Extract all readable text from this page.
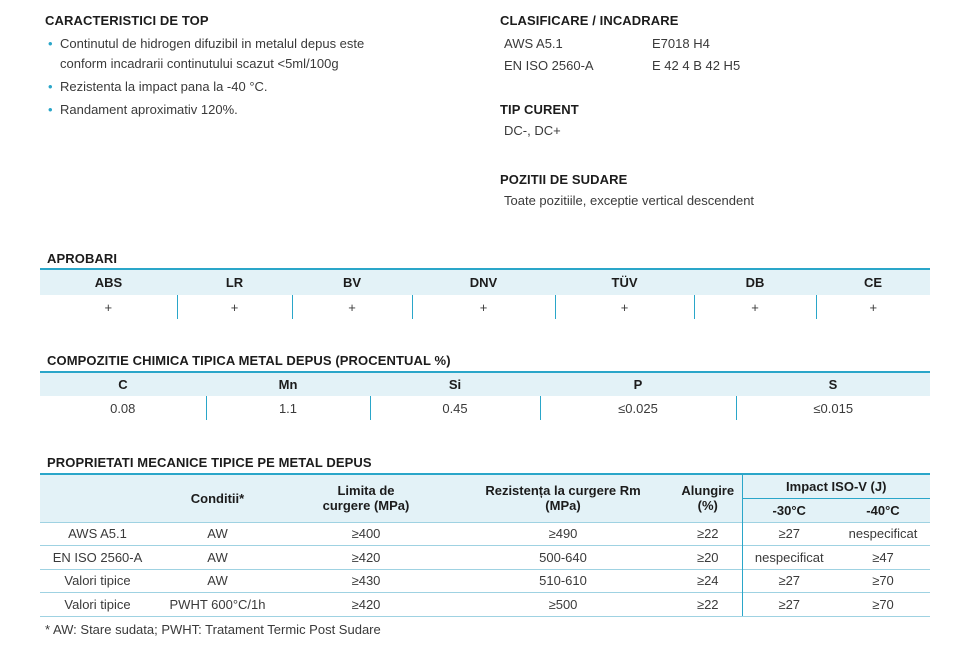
CARACTERISTICI DE TOP
• Continutul de hidrogen difuzibil in metalul depus este
conform incadrarii continutului scazut <5ml/100g
• Rezistenta la impact pana la -40 °C.
• Randament aproximativ 120%.
CLASIFICARE / INCADRARE
AWS A5.1	E7018 H4
EN ISO 2560-A	E 42 4 B 42 H5
TIP CURENT
DC-, DC+
POZITII DE SUDARE
Toate pozitiile, exceptie vertical descendent
APROBARI
ABS	LR	BV	DNV	TÜV	DB	CE
+	+	+	+	+	+	+
COMPOZITIE CHIMICA TIPICA METAL DEPUS (PROCENTUAL %)
C	Mn	Si	P	S
0.08	1.1	0.45	≤0.025	≤0.015
PROPRIETATI MECANICE TIPICE PE METAL DEPUS
	Conditii*	Limita de curgere (MPa)	Rezistența la curgere Rm (MPa)	Alungire (%)	Impact ISO-V (J)	
					-30°C	-40°C
AWS A5.1	AW	≥400	≥490	≥22	≥27	nespecificat
EN ISO 2560-A	AW	≥420	500-640	≥20	nespecificat	≥47
Valori tipice	AW	≥430	510-610	≥24	≥27	≥70
Valori tipice	PWHT 600°C/1h	≥420	≥500	≥22	≥27	≥70
* AW: Stare sudata; PWHT: Tratament Termic Post Sudare
